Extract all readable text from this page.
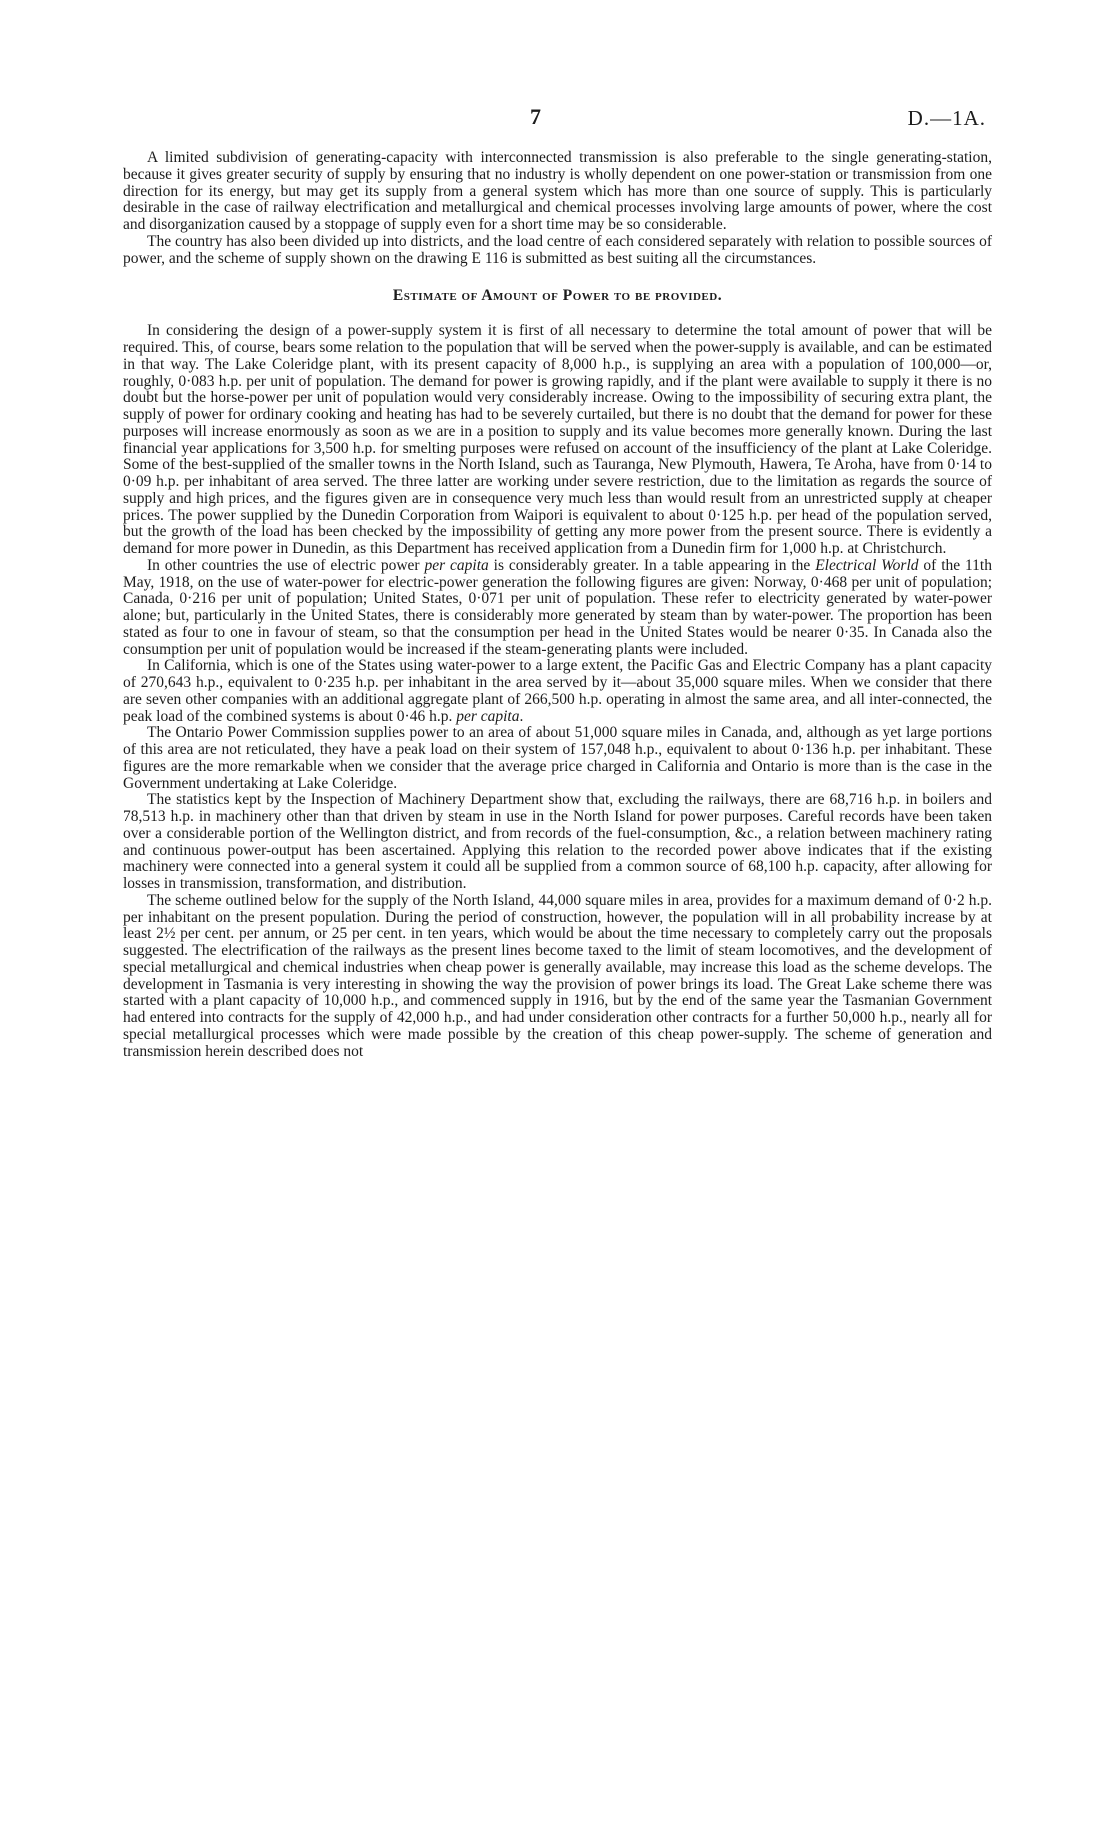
7	D.—1A.

A limited subdivision of generating-capacity with interconnected transmission is also preferable to the single generating-station, because it gives greater security of supply by ensuring that no industry is wholly dependent on one power-station or transmission from one direction for its energy, but may get its supply from a general system which has more than one source of supply. This is particularly desirable in the case of railway electrification and metallurgical and chemical processes involving large amounts of power, where the cost and disorganization caused by a stoppage of supply even for a short time may be so considerable.

The country has also been divided up into districts, and the load centre of each considered separately with relation to possible sources of power, and the scheme of supply shown on the drawing E 116 is submitted as best suiting all the circumstances.

Estimate of Amount of Power to be provided.

In considering the design of a power-supply system it is first of all necessary to determine the total amount of power that will be required. This, of course, bears some relation to the population that will be served when the power-supply is available, and can be estimated in that way. The Lake Coleridge plant, with its present capacity of 8,000 h.p., is supplying an area with a population of 100,000—or, roughly, 0·083 h.p. per unit of population. The demand for power is growing rapidly, and if the plant were available to supply it there is no doubt but the horse-power per unit of population would very considerably increase. Owing to the impossibility of securing extra plant, the supply of power for ordinary cooking and heating has had to be severely curtailed, but there is no doubt that the demand for power for these purposes will increase enormously as soon as we are in a position to supply and its value becomes more generally known. During the last financial year applications for 3,500 h.p. for smelting purposes were refused on account of the insufficiency of the plant at Lake Coleridge. Some of the best-supplied of the smaller towns in the North Island, such as Tauranga, New Plymouth, Hawera, Te Aroha, have from 0·14 to 0·09 h.p. per inhabitant of area served. The three latter are working under severe restriction, due to the limitation as regards the source of supply and high prices, and the figures given are in consequence very much less than would result from an unrestricted supply at cheaper prices. The power supplied by the Dunedin Corporation from Waipori is equivalent to about 0·125 h.p. per head of the population served, but the growth of the load has been checked by the impossibility of getting any more power from the present source. There is evidently a demand for more power in Dunedin, as this Department has received application from a Dunedin firm for 1,000 h.p. at Christchurch.

In other countries the use of electric power per capita is considerably greater. In a table appearing in the Electrical World of the 11th May, 1918, on the use of water-power for electric-power generation the following figures are given: Norway, 0·468 per unit of population; Canada, 0·216 per unit of population; United States, 0·071 per unit of population. These refer to electricity generated by water-power alone; but, particularly in the United States, there is considerably more generated by steam than by water-power. The proportion has been stated as four to one in favour of steam, so that the consumption per head in the United States would be nearer 0·35. In Canada also the consumption per unit of population would be increased if the steam-generating plants were included.

In California, which is one of the States using water-power to a large extent, the Pacific Gas and Electric Company has a plant capacity of 270,643 h.p., equivalent to 0·235 h.p. per inhabitant in the area served by it—about 35,000 square miles. When we consider that there are seven other companies with an additional aggregate plant of 266,500 h.p. operating in almost the same area, and all inter-connected, the peak load of the combined systems is about 0·46 h.p. per capita.

The Ontario Power Commission supplies power to an area of about 51,000 square miles in Canada, and, although as yet large portions of this area are not reticulated, they have a peak load on their system of 157,048 h.p., equivalent to about 0·136 h.p. per inhabitant. These figures are the more remarkable when we consider that the average price charged in California and Ontario is more than is the case in the Government undertaking at Lake Coleridge.

The statistics kept by the Inspection of Machinery Department show that, excluding the railways, there are 68,716 h.p. in boilers and 78,513 h.p. in machinery other than that driven by steam in use in the North Island for power purposes. Careful records have been taken over a considerable portion of the Wellington district, and from records of the fuel-consumption, &c., a relation between machinery rating and continuous power-output has been ascertained. Applying this relation to the recorded power above indicates that if the existing machinery were connected into a general system it could all be supplied from a common source of 68,100 h.p. capacity, after allowing for losses in transmission, transformation, and distribution.

The scheme outlined below for the supply of the North Island, 44,000 square miles in area, provides for a maximum demand of 0·2 h.p. per inhabitant on the present population. During the period of construction, however, the population will in all probability increase by at least 2½ per cent. per annum, or 25 per cent. in ten years, which would be about the time necessary to completely carry out the proposals suggested. The electrification of the railways as the present lines become taxed to the limit of steam locomotives, and the development of special metallurgical and chemical industries when cheap power is generally available, may increase this load as the scheme develops. The development in Tasmania is very interesting in showing the way the provision of power brings its load. The Great Lake scheme there was started with a plant capacity of 10,000 h.p., and commenced supply in 1916, but by the end of the same year the Tasmanian Government had entered into contracts for the supply of 42,000 h.p., and had under consideration other contracts for a further 50,000 h.p., nearly all for special metallurgical processes which were made possible by the creation of this cheap power-supply. The scheme of generation and transmission herein described does not
